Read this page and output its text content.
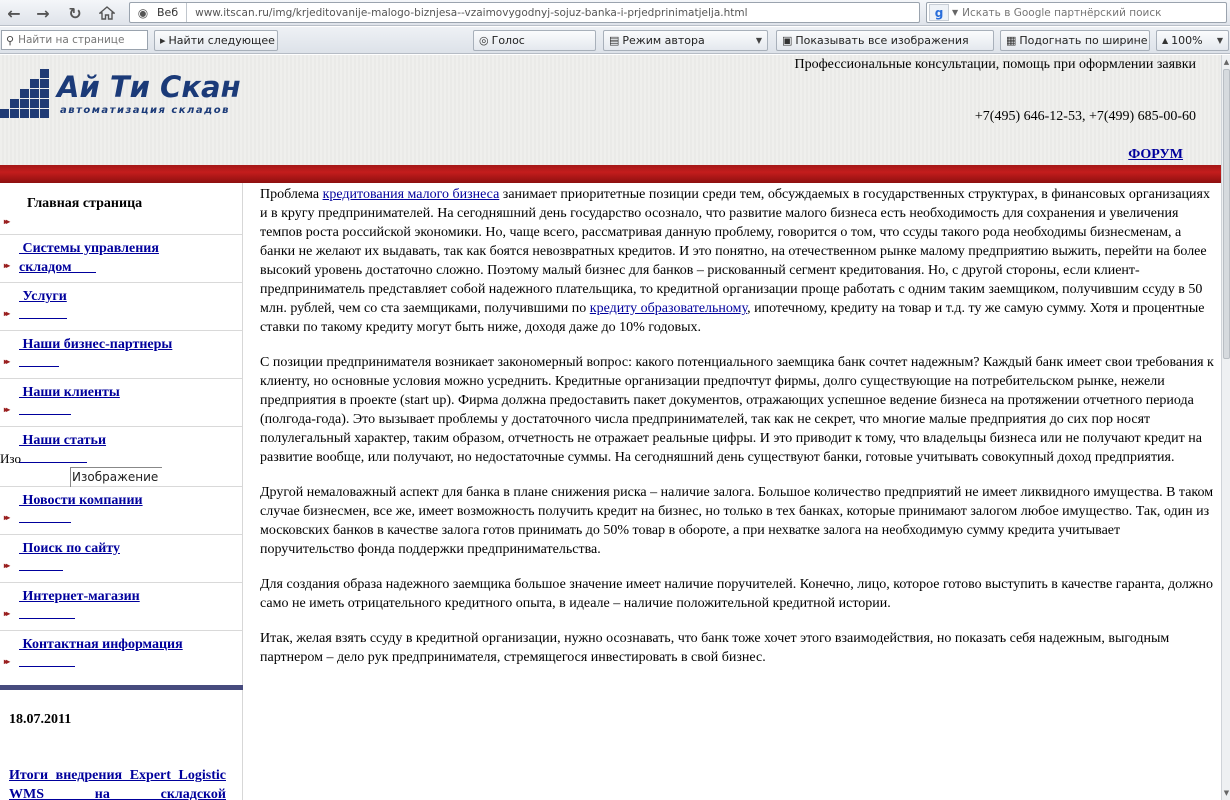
← →	↻	◉ Веб	www.itscan.ru/img/krjeditovanije-malogo-biznjesa--vzaimovygodnyj-sojuz-banka-i-prjedprinimatjelja.html	g	▼
Искать в Google партнёрский поиск
⚲
Найти на странице	▸ Найти следующее	◎ Голос	▤ Режим автора	▼ ▣ Показывать все изображения	▦ Подогнать по ширине ▲ 100% ▼
Ай Ти Скан
автоматизация складов
Профессиональные консультации, помощь при оформлении заявки
+7(495) 646-12-53, +7(499) 685-00-60
ФОРУМ
Главная страница
▸▸
▸▸
Системы управления складом
▸▸
Услуги
▸▸
Наши бизнес-партнеры
▸▸
Наши клиенты
Наши статьи
Изо
Изображение
▸▸
Новости компании
▸▸
Поиск по сайту
▸▸
Интернет-магазин
▸▸
Контактная информация
18.07.2011
Итоги внедрения Expert Logistic WMS на складской

Проблема кредитования малого бизнеса занимает приоритетные позиции среди тем, обсуждаемых в государственных структурах, в финансовых организациях и в кругу предпринимателей. На сегодняшний день государство осознало, что развитие малого бизнеса есть необходимость для сохранения и увеличения темпов роста российской экономики. Но, чаще всего, рассматривая данную проблему, говорится о том, что ссуды такого рода необходимы бизнесменам, а банки не желают их выдавать, так как боятся невозвратных кредитов. И это понятно, на отечественном рынке малому предприятию выжить, перейти на более высокий уровень достаточно сложно. Поэтому малый бизнес для банков – рискованный сегмент кредитования. Но, с другой стороны, если клиент-предприниматель представляет собой надежного плательщика, то кредитной организации проще работать с одним таким заемщиком, получившим ссуду в 50 млн. рублей, чем со ста заемщиками, получившими по кредиту образовательному, ипотечному, кредиту на товар и т.д. ту же самую сумму. Хотя и процентные ставки по такому кредиту могут быть ниже, доходя даже до 10% годовых.

С позиции предпринимателя возникает закономерный вопрос: какого потенциального заемщика банк сочтет надежным? Каждый банк имеет свои требования к клиенту, но основные условия можно усреднить. Кредитные организации предпочтут фирмы, долго существующие на потребительском рынке, нежели предприятия в проекте (start up). Фирма должна предоставить пакет документов, отражающих успешное ведение бизнеса на протяжении отчетного периода (полгода-года). Это вызывает проблемы у достаточного числа предпринимателей, так как не секрет, что многие малые предприятия до сих пор носят полулегальный характер, таким образом, отчетность не отражает реальные цифры. И это приводит к тому, что владельцы бизнеса или не получают кредит на развитие вообще, или получают, но недостаточные суммы. На сегодняшний день существуют банки, готовые учитывать совокупный доход предприятия.

Другой немаловажный аспект для банка в плане снижения риска – наличие залога. Большое количество предприятий не имеет ликвидного имущества. В таком случае бизнесмен, все же, имеет возможность получить кредит на бизнес, но только в тех банках, которые принимают залогом любое имущество. Так, один из московских банков в качестве залога готов принимать до 50% товар в обороте, а при нехватке залога на необходимую сумму кредита учитывает поручительство фонда поддержки предпринимательства.

Для создания образа надежного заемщика большое значение имеет наличие поручителей. Конечно, лицо, которое готово выступить в качестве гаранта, должно само не иметь отрицательного кредитного опыта, в идеале – наличие положительной кредитной истории.

Итак, желая взять ссуду в кредитной организации, нужно осознавать, что банк тоже хочет этого взаимодействия, но показать себя надежным, выгодным партнером – дело рук предпринимателя, стремящегося инвестировать в свой бизнес.

▲
▼
